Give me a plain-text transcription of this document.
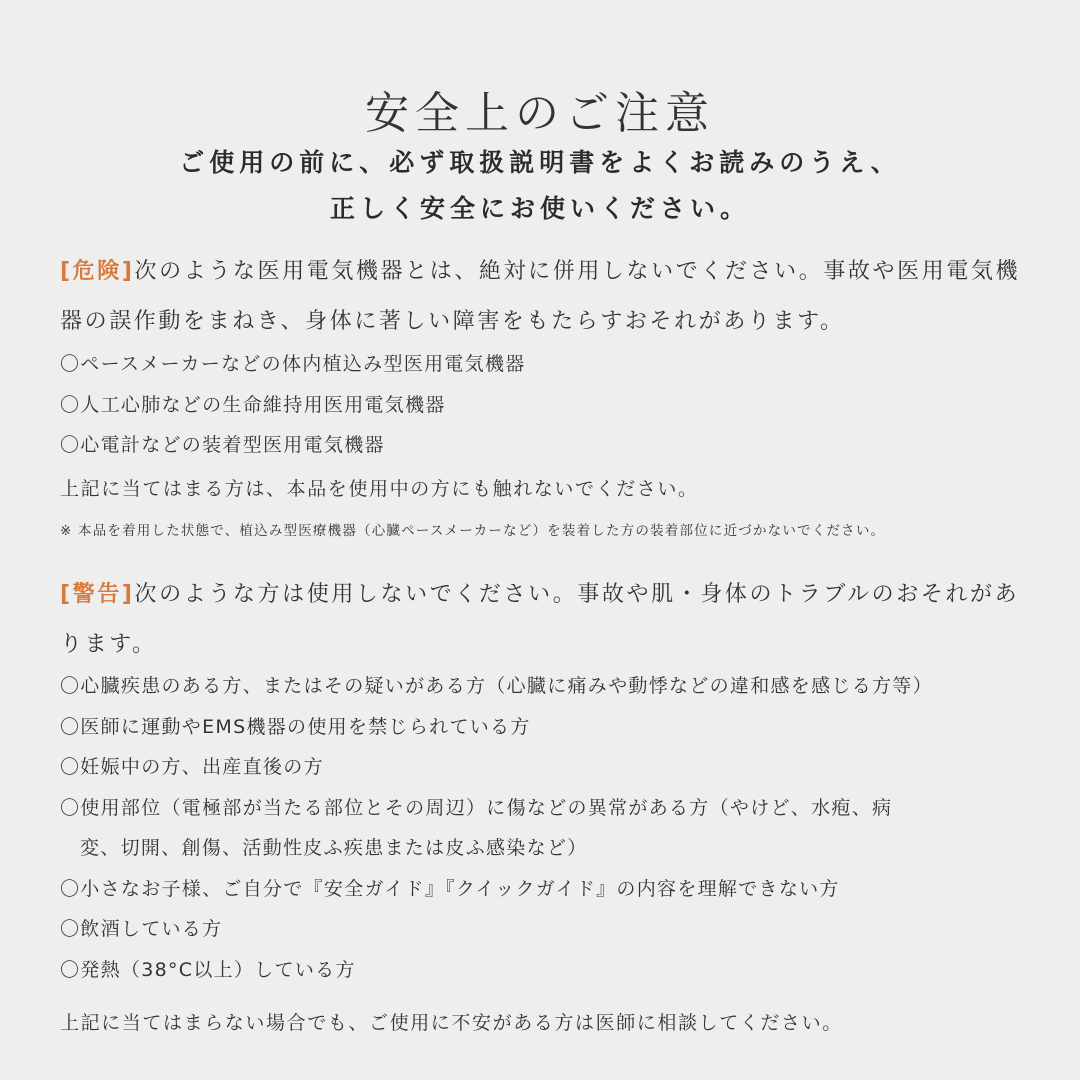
安全上のご注意
ご使用の前に、必ず取扱説明書をよくお読みのうえ、
正しく安全にお使いください。
[危険]次のような医用電気機器とは、絶対に併用しないでください。事故や医用電気機器の誤作動をまねき、身体に著しい障害をもたらすおそれがあります。
〇ペースメーカーなどの体内植込み型医用電気機器
〇人工心肺などの生命維持用医用電気機器
〇心電計などの装着型医用電気機器
上記に当てはまる方は、本品を使用中の方にも触れないでください。
※ 本品を着用した状態で、植込み型医療機器（心臓ペースメーカーなど）を装着した方の装着部位に近づかないでください。
[警告]次のような方は使用しないでください。事故や肌・身体のトラブルのおそれがあります。
〇心臓疾患のある方、またはその疑いがある方（心臓に痛みや動悸などの違和感を感じる方等）
〇医師に運動やEMS機器の使用を禁じられている方
〇妊娠中の方、出産直後の方
〇使用部位（電極部が当たる部位とその周辺）に傷などの異常がある方（やけど、水疱、病
変、切開、創傷、活動性皮ふ疾患または皮ふ感染など）
〇小さなお子様、ご自分で『安全ガイド』『クイックガイド』の内容を理解できない方
〇飲酒している方
〇発熱（38°C以上）している方
上記に当てはまらない場合でも、ご使用に不安がある方は医師に相談してください。
